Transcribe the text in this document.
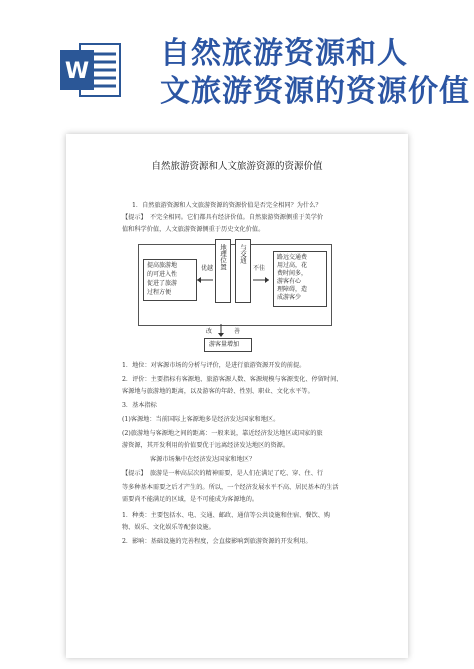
W
自然旅游资源和人
文旅游资源的资源价值
自然旅游资源和人文旅游资源的资源价值
1．自然旅游资源和人文旅游资源的资源价值是否完全相同？为什么？
【提示】　不完全相同。它们都具有经济价值。自然旅游资源侧重于美学价
值和科学价值，人文旅游资源侧重于历史文化价值。
提高旅游地
的可进入性
促进了旅游
过程方便
优越 地理位置 与交通
不佳
路远交通费
用过高，花
费时间多，
游客有心
理障碍，造
成游客少
改	善
游客量增加
1．地位：对客源市场的分析与评价，是进行旅游资源开发的前提。
2．评价：主要指标有客源地、旅游客源人数、客源规模与客源变化、停留时间、
客源地与旅游地的距离，以及游客的年龄、性别、职业、文化水平等。
3．基本指标
(1)客源地：当前国际上客源地多是经济发达国家和地区。
(2)旅游地与客源地之间的距离：一般来说，靠近经济发达地区或国家的旅
游资源，其开发利用的价值要优于远离经济发达地区的资源。
客源市场集中在经济发达国家和地区？
【提示】　旅游是一种高层次的精神需要，是人们在满足了吃、穿、住、行
等多种基本需要之后才产生的。所以，一个经济发展水平不高、居民基本的生活
需要尚不能满足的区域，是不可能成为客源地的。
1．种类：主要包括水、电、交通、邮政、通信等公共设施和住宿、餐饮、购
物、娱乐、文化娱乐等配套设施。
2．影响：基础设施的完善程度，会直接影响到旅游资源的开发利用。
